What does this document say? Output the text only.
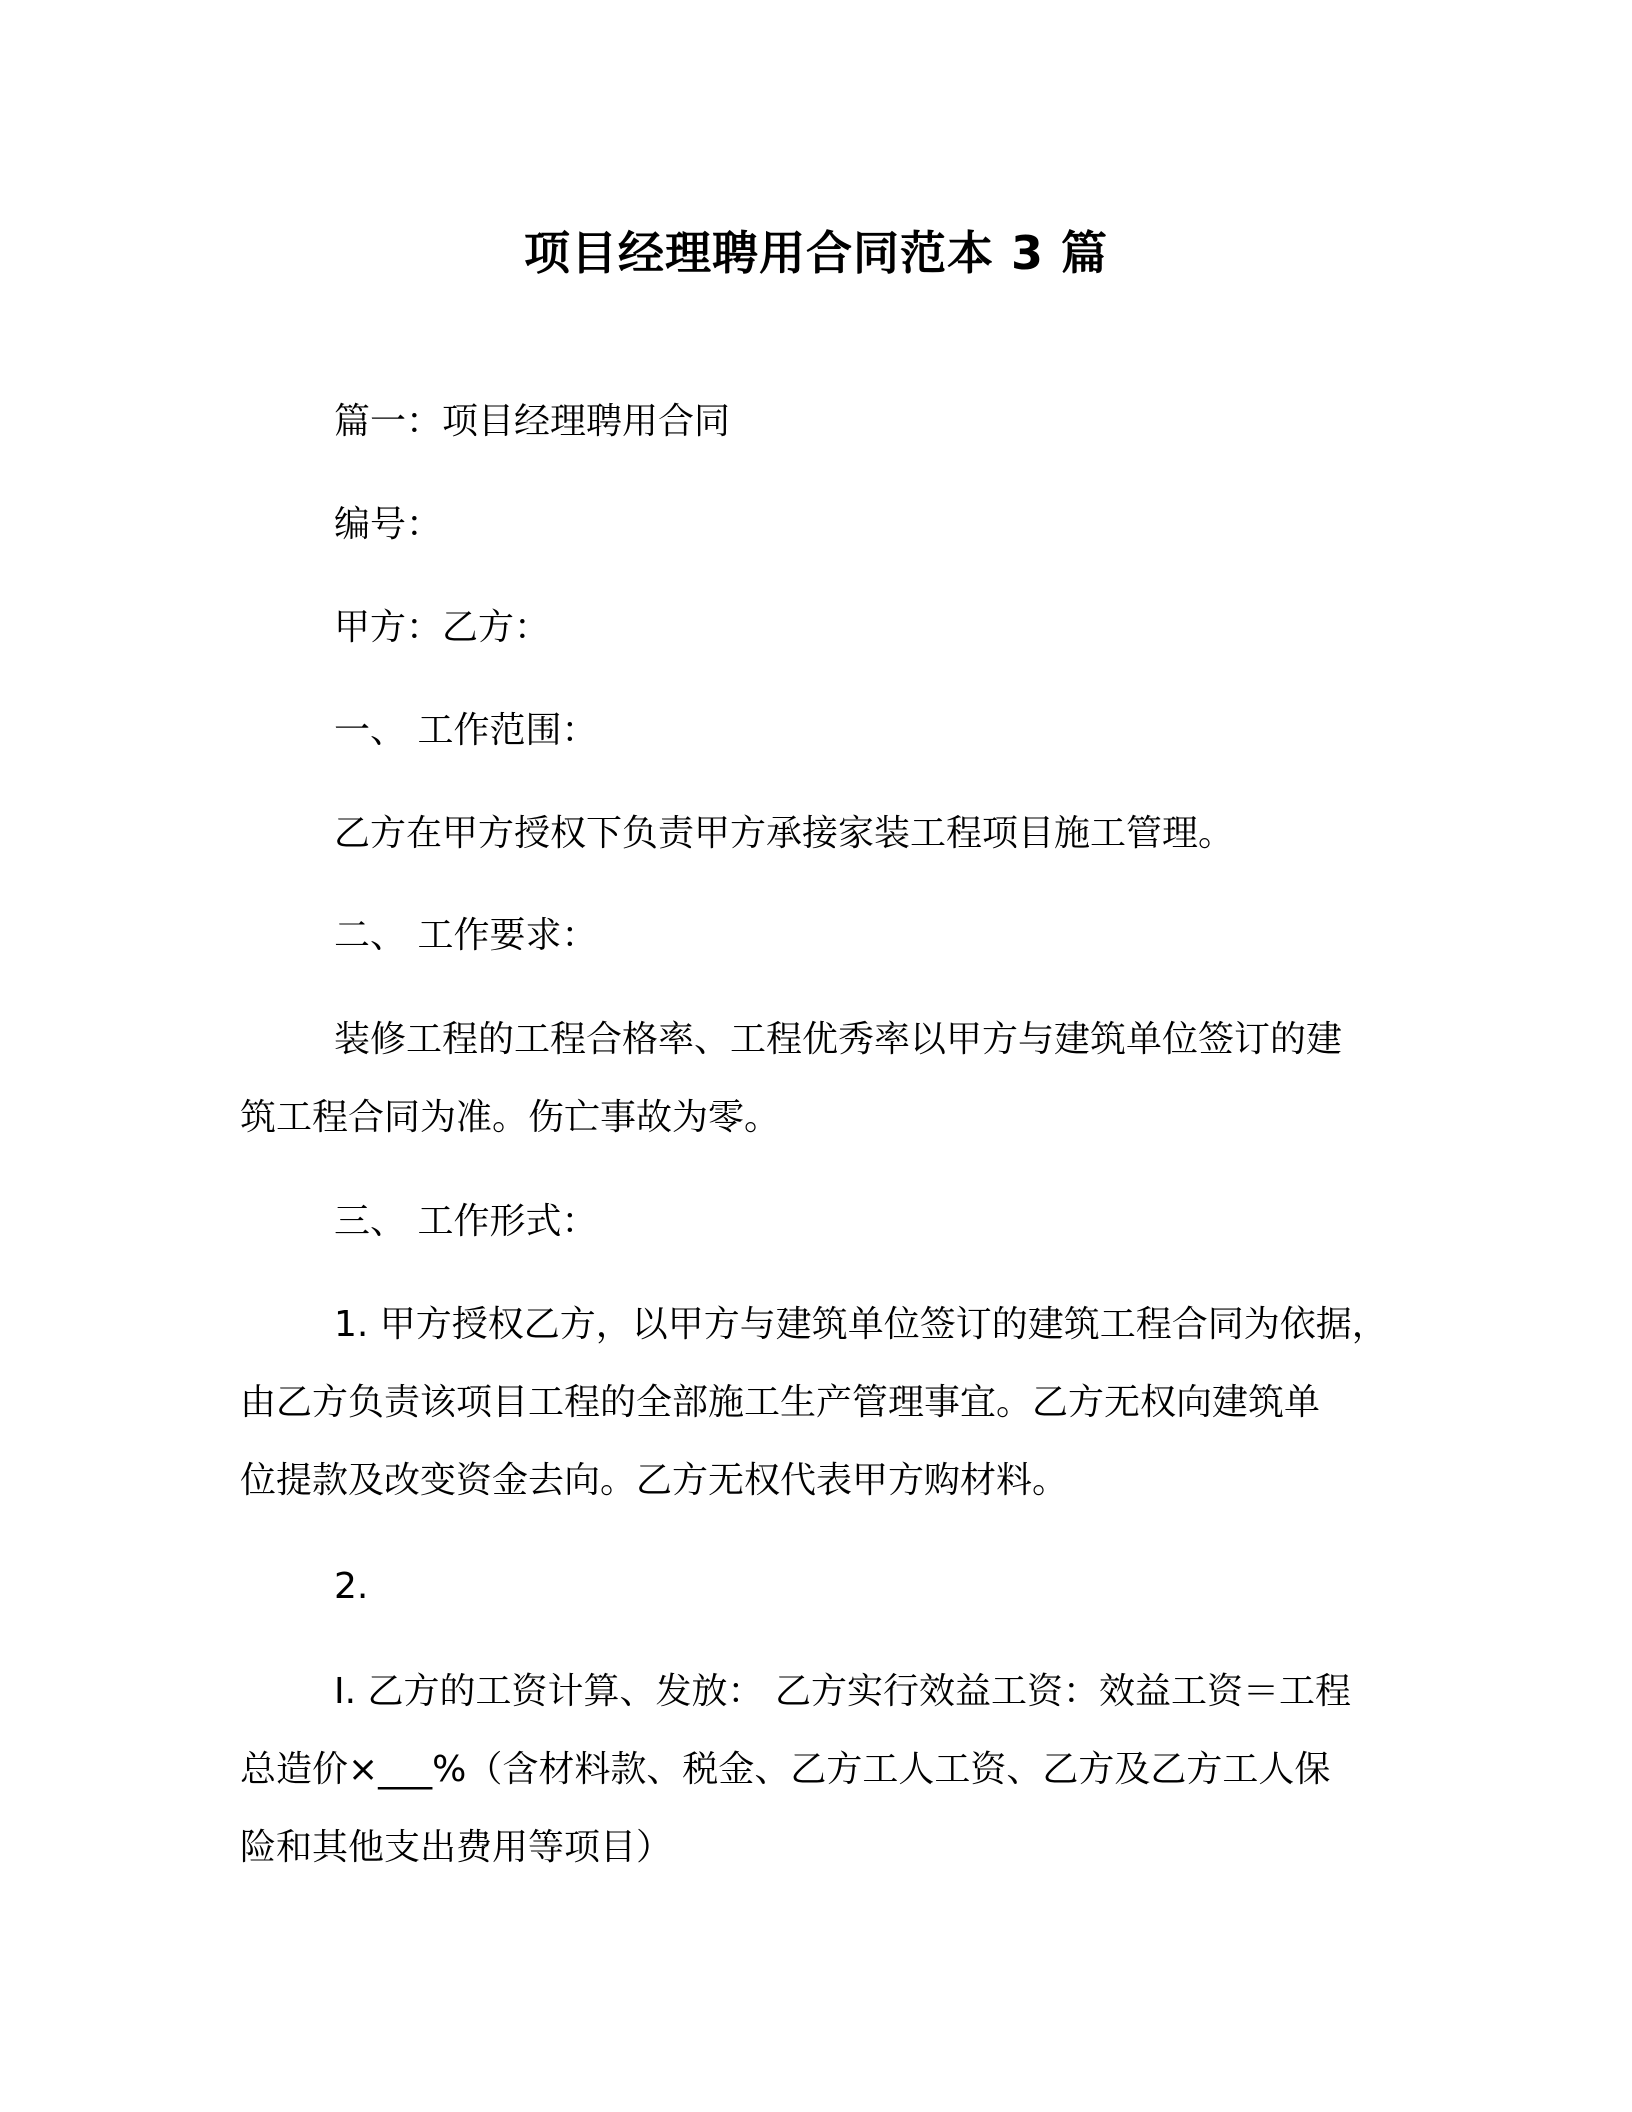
项目经理聘用合同范本 3 篇
篇一：项目经理聘用合同
编号：
甲方：乙方：
一、 工作范围：
乙方在甲方授权下负责甲方承接家装工程项目施工管理。
二、 工作要求：
装修工程的工程合格率、工程优秀率以甲方与建筑单位签订的建
筑工程合同为准。伤亡事故为零。
三、 工作形式：
1. 甲方授权乙方，以甲方与建筑单位签订的建筑工程合同为依据，
由乙方负责该项目工程的全部施工生产管理事宜。乙方无权向建筑单
位提款及改变资金去向。乙方无权代表甲方购材料。
2.
I. 乙方的工资计算、发放： 乙方实行效益工资：效益工资＝工程
总造价×___%（含材料款、税金、乙方工人工资、乙方及乙方工人保
险和其他支出费用等项目）
